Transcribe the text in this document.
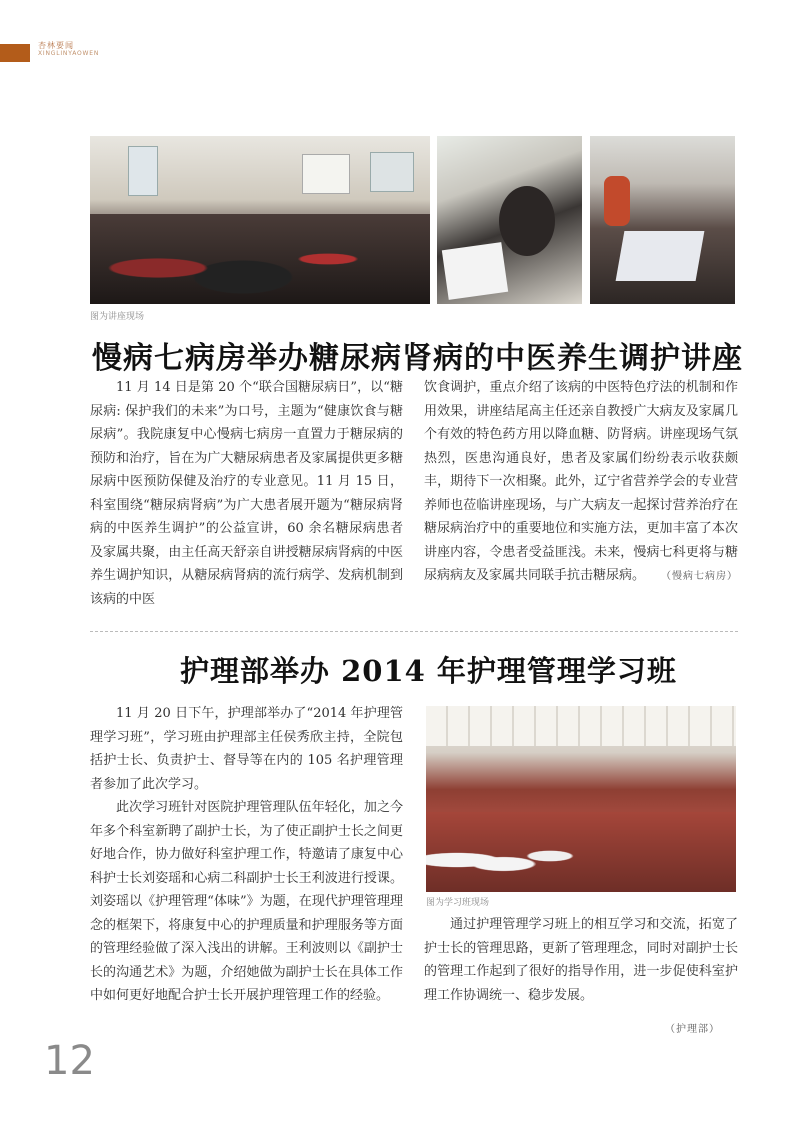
杏林要闻
XINGLINYAOWEN
图为讲座现场
慢病七病房举办糖尿病肾病的中医养生调护讲座

11 月 14 日是第 20 个“联合国糖尿病日”，以“糖尿病: 保护我们的未来”为口号，主题为“健康饮食与糖尿病”。我院康复中心慢病七病房一直置力于糖尿病的预防和治疗，旨在为广大糖尿病患者及家属提供更多糖尿病中医预防保健及治疗的专业意见。11 月 15 日，科室围绕“糖尿病肾病”为广大患者展开题为“糖尿病肾病的中医养生调护”的公益宣讲，60 余名糖尿病患者及家属共聚，由主任高天舒亲自讲授糖尿病肾病的中医养生调护知识，从糖尿病肾病的流行病学、发病机制到该病的中医

饮食调护，重点介绍了该病的中医特色疗法的机制和作用效果，讲座结尾高主任还亲自教授广大病友及家属几个有效的特色药方用以降血糖、防肾病。讲座现场气氛热烈，医患沟通良好，患者及家属们纷纷表示收获颇丰，期待下一次相聚。此外，辽宁省营养学会的专业营养师也莅临讲座现场，与广大病友一起探讨营养治疗在糖尿病治疗中的重要地位和实施方法，更加丰富了本次讲座内容，令患者受益匪浅。未来，慢病七科更将与糖尿病病友及家属共同联手抗击糖尿病。 （慢病七病房）
护理部举办 2014 年护理管理学习班

11 月 20 日下午，护理部举办了“2014 年护理管理学习班”，学习班由护理部主任侯秀欣主持，全院包括护士长、负责护士、督导等在内的 105 名护理管理者参加了此次学习。

此次学习班针对医院护理管理队伍年轻化，加之今年多个科室新聘了副护士长，为了使正副护士长之间更好地合作，协力做好科室护理工作，特邀请了康复中心科护士长刘姿瑶和心病二科副护士长王利波进行授课。刘姿瑶以《护理管理“体味”》为题，在现代护理管理理念的框架下，将康复中心的护理质量和护理服务等方面的管理经验做了深入浅出的讲解。王利波则以《副护士长的沟通艺术》为题，介绍她做为副护士长在具体工作中如何更好地配合护士长开展护理管理工作的经验。

图为学习班现场

通过护理管理学习班上的相互学习和交流，拓宽了护士长的管理思路，更新了管理理念，同时对副护士长的管理工作起到了很好的指导作用，进一步促使科室护理工作协调统一、稳步发展。

（护理部）
12
